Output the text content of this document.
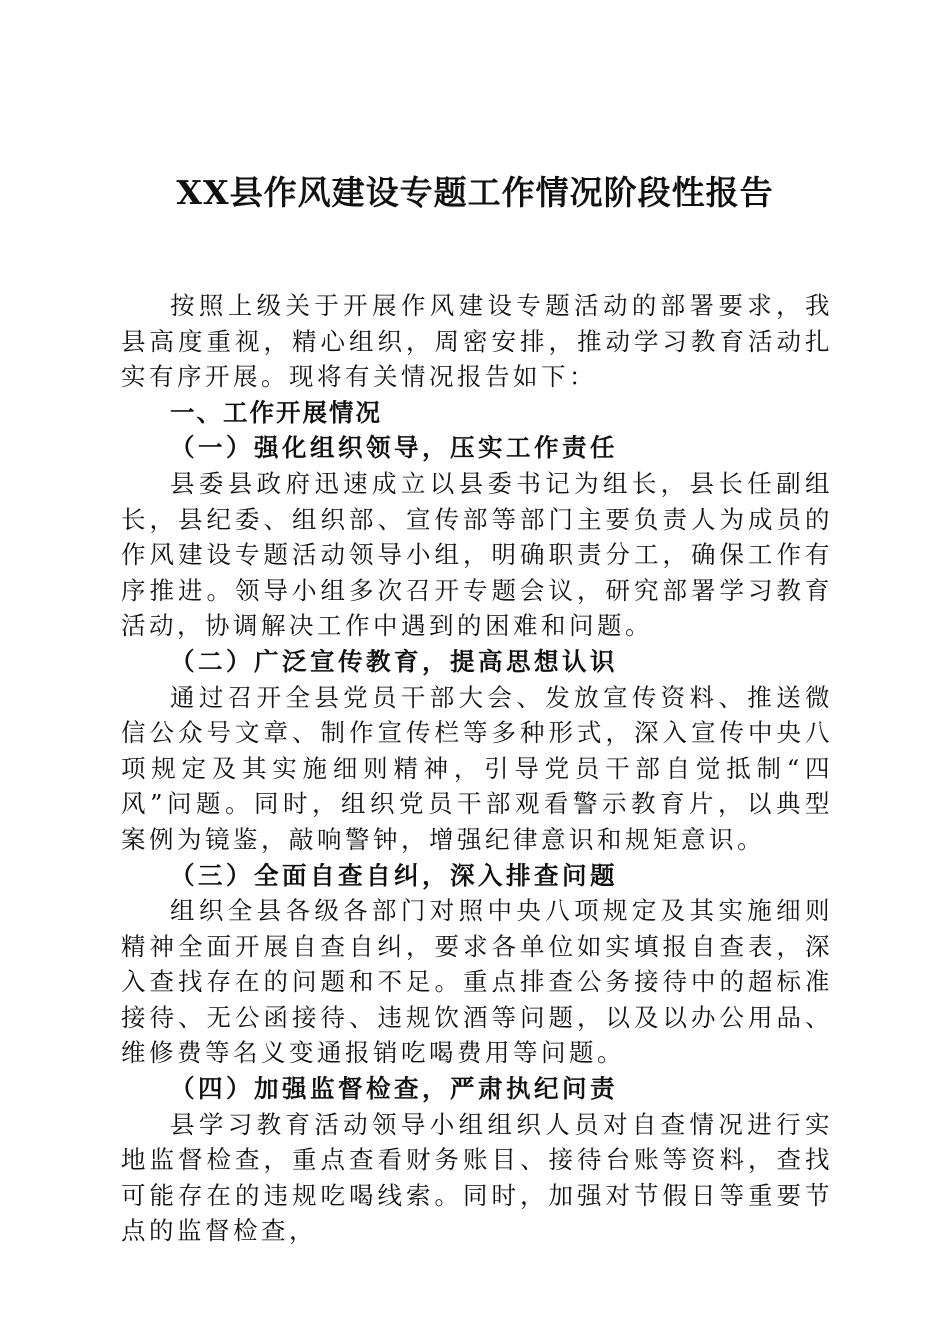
XX县作风建设专题工作情况阶段性报告

按照上级关于开展作风建设专题活动的部署要求，我县高度重视，精心组织，周密安排，推动学习教育活动扎实有序开展。现将有关情况报告如下：

一、工作开展情况

（一）强化组织领导，压实工作责任

县委县政府迅速成立以县委书记为组长，县长任副组长，县纪委、组织部、宣传部等部门主要负责人为成员的作风建设专题活动领导小组，明确职责分工，确保工作有序推进。领导小组多次召开专题会议，研究部署学习教育活动，协调解决工作中遇到的困难和问题。

（二）广泛宣传教育，提高思想认识

通过召开全县党员干部大会、发放宣传资料、推送微信公众号文章、制作宣传栏等多种形式，深入宣传中央八项规定及其实施细则精神，引导党员干部自觉抵制“四风”问题。同时，组织党员干部观看警示教育片，以典型案例为镜鉴，敲响警钟，增强纪律意识和规矩意识。

（三）全面自查自纠，深入排查问题

组织全县各级各部门对照中央八项规定及其实施细则精神全面开展自查自纠，要求各单位如实填报自查表，深入查找存在的问题和不足。重点排查公务接待中的超标准接待、无公函接待、违规饮酒等问题，以及以办公用品、维修费等名义变通报销吃喝费用等问题。

（四）加强监督检查，严肃执纪问责

县学习教育活动领导小组组织人员对自查情况进行实地监督检查，重点查看财务账目、接待台账等资料，查找可能存在的违规吃喝线索。同时，加强对节假日等重要节点的监督检查，
